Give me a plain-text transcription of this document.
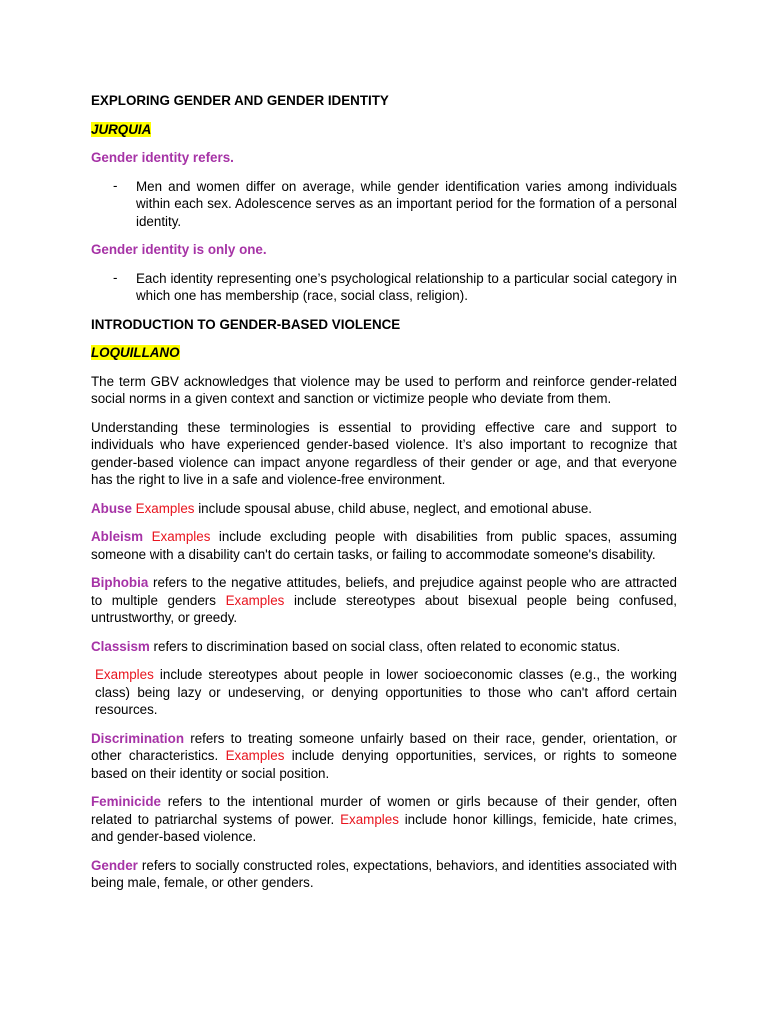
EXPLORING GENDER AND GENDER IDENTITY

JURQUIA

Gender identity refers.

-	Men and women differ on average, while gender identification varies among individuals within each sex. Adolescence serves as an important period for the formation of a personal identity.

Gender identity is only one.

-	Each identity representing one’s psychological relationship to a particular social category in which one has membership (race, social class, religion).

INTRODUCTION TO GENDER-BASED VIOLENCE

LOQUILLANO

The term GBV acknowledges that violence may be used to perform and reinforce gender-related social norms in a given context and sanction or victimize people who deviate from them.

Understanding these terminologies is essential to providing effective care and support to individuals who have experienced gender-based violence. It’s also important to recognize that gender-based violence can impact anyone regardless of their gender or age, and that everyone has the right to live in a safe and violence-free environment.

Abuse Examples include spousal abuse, child abuse, neglect, and emotional abuse.

Ableism Examples include excluding people with disabilities from public spaces, assuming someone with a disability can't do certain tasks, or failing to accommodate someone's disability.

Biphobia refers to the negative attitudes, beliefs, and prejudice against people who are attracted to multiple genders Examples include stereotypes about bisexual people being confused, untrustworthy, or greedy.

Classism refers to discrimination based on social class, often related to economic status.

Examples include stereotypes about people in lower socioeconomic classes (e.g., the working class) being lazy or undeserving, or denying opportunities to those who can't afford certain resources.

Discrimination refers to treating someone unfairly based on their race, gender, orientation, or other characteristics. Examples include denying opportunities, services, or rights to someone based on their identity or social position.

Feminicide refers to the intentional murder of women or girls because of their gender, often related to patriarchal systems of power. Examples include honor killings, femicide, hate crimes, and gender-based violence.

Gender refers to socially constructed roles, expectations, behaviors, and identities associated with being male, female, or other genders.
